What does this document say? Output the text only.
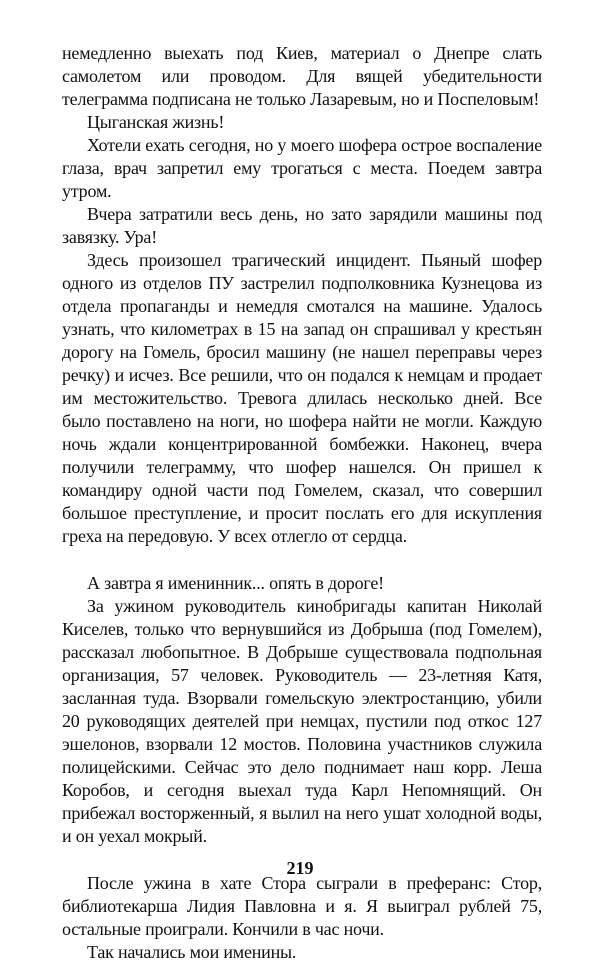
немедленно выехать под Киев, материал о Днепре слать самолетом или проводом. Для вящей убедительности телеграмма подписана не только Лазаревым, но и Поспеловым!

Цыганская жизнь!

Хотели ехать сегодня, но у моего шофера острое воспаление глаза, врач запретил ему трогаться с места. Поедем завтра утром.

Вчера затратили весь день, но зато зарядили машины под завязку. Ура!

Здесь произошел трагический инцидент. Пьяный шофер одного из отделов ПУ застрелил подполковника Кузнецова из отдела пропаганды и немедля смотался на машине. Удалось узнать, что километрах в 15 на запад он спрашивал у крестьян дорогу на Гомель, бросил машину (не нашел переправы через речку) и исчез. Все решили, что он подался к немцам и продает им местожительство. Тревога длилась несколько дней. Все было поставлено на ноги, но шофера найти не могли. Каждую ночь ждали концентрированной бомбежки. Наконец, вчера получили телеграмму, что шофер нашелся. Он пришел к командиру одной части под Гомелем, сказал, что совершил большое преступление, и просит послать его для искупления греха на передовую. У всех отлегло от сердца.

А завтра я именинник... опять в дороге!

За ужином руководитель кинобригады капитан Николай Киселев, только что вернувшийся из Добрыша (под Гомелем), рассказал любопытное. В Добрыше существовала подпольная организация, 57 человек. Руководитель — 23-летняя Катя, засланная туда. Взорвали гомельскую электростанцию, убили 20 руководящих деятелей при немцах, пустили под откос 127 эшелонов, взорвали 12 мостов. Половина участников служила полицейскими. Сейчас это дело поднимает наш корр. Леша Коробов, и сегодня выехал туда Карл Непомнящий. Он прибежал восторженный, я вылил на него ушат холодной воды, и он уехал мокрый.

После ужина в хате Стора сыграли в преферанс: Стор, библиотекарша Лидия Павловна и я. Я выиграл рублей 75, остальные проиграли. Кончили в час ночи.

Так начались мои именины.

219
